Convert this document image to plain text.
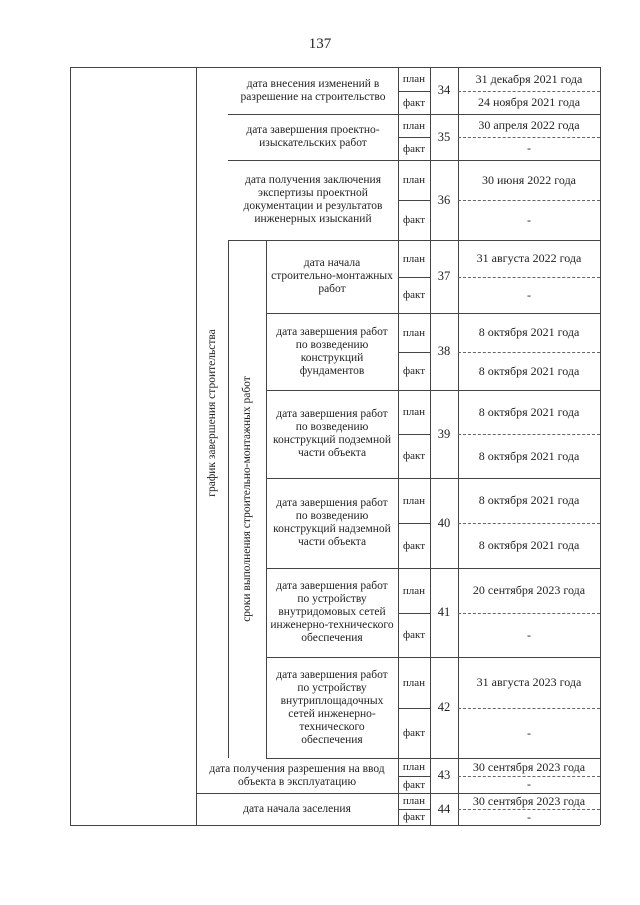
137
график завершения строительства сроки выполнения строительно-монтажных работ
дата внесения изменений в разрешение на строительство
план
факт
34
31 декабря 2021 года
24 ноября 2021 года
дата завершения проектно-изыскательских работ
план
факт
35
30 апреля 2022 года
-
дата получения заключения экспертизы проектной документации и результатов инженерных изысканий
план
факт
36
30 июня 2022 года
-
дата начала строительно-монтажных работ
план
факт
37
31 августа 2022 года
-
дата завершения работ по возведению конструкций фундаментов
план
факт
38
8 октября 2021 года
8 октября 2021 года
дата завершения работ по возведению конструкций подземной части объекта
план
факт
39
8 октября 2021 года
8 октября 2021 года
дата завершения работ по возведению конструкций надземной части объекта
план
факт
40
8 октября 2021 года
8 октября 2021 года
дата завершения работ по устройству внутридомовых сетей инженерно-технического обеспечения
план
факт
41
20 сентября 2023 года
-
дата завершения работ по устройству внутриплощадочных сетей инженерно-технического обеспечения
план
факт
42
31 августа 2023 года
-
дата получения разрешения на ввод объекта в эксплуатацию
план
факт
43
30 сентября 2023 года
-
дата начала заселения
план
факт
44
30 сентября 2023 года
-
